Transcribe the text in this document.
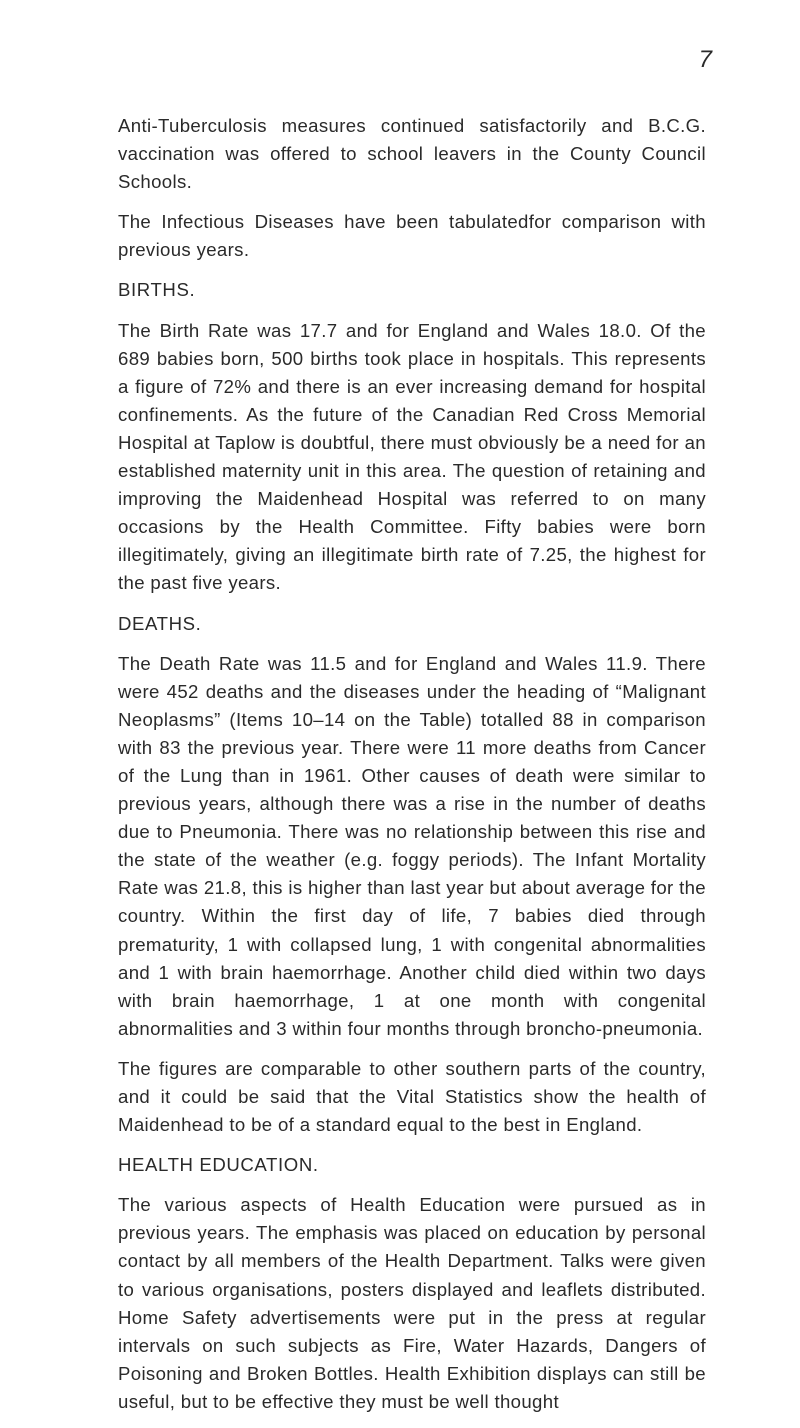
7

Anti-Tuberculosis measures continued satisfactorily and B.C.G. vaccination was offered to school leavers in the County Council Schools.

The Infectious Diseases have been tabulatedfor comparison with previous years.

BIRTHS.

The Birth Rate was 17.7 and for England and Wales 18.0. Of the 689 babies born, 500 births took place in hospitals. This represents a figure of 72% and there is an ever increasing demand for hospital confinements. As the future of the Canadian Red Cross Memorial Hospital at Taplow is doubtful, there must obviously be a need for an established maternity unit in this area. The question of retaining and improving the Maidenhead Hospital was referred to on many occasions by the Health Committee. Fifty babies were born illegitimately, giving an illegitimate birth rate of 7.25, the highest for the past five years.

DEATHS.

The Death Rate was 11.5 and for England and Wales 11.9. There were 452 deaths and the diseases under the heading of “Malignant Neoplasms” (Items 10–14 on the Table) totalled 88 in comparison with 83 the previous year. There were 11 more deaths from Cancer of the Lung than in 1961. Other causes of death were similar to previous years, although there was a rise in the number of deaths due to Pneumonia. There was no relationship between this rise and the state of the weather (e.g. foggy periods). The Infant Mortality Rate was 21.8, this is higher than last year but about average for the country. Within the first day of life, 7 babies died through prematurity, 1 with collapsed lung, 1 with congenital abnormalities and 1 with brain haemorrhage. Another child died within two days with brain haemorrhage, 1 at one month with congenital abnormalities and 3 within four months through broncho-pneumonia.

The figures are comparable to other southern parts of the country, and it could be said that the Vital Statistics show the health of Maidenhead to be of a standard equal to the best in England.

HEALTH EDUCATION.

The various aspects of Health Education were pursued as in previous years. The emphasis was placed on education by personal contact by all members of the Health Department. Talks were given to various organisations, posters displayed and leaflets distributed. Home Safety advertisements were put in the press at regular intervals on such subjects as Fire, Water Hazards, Dangers of Poisoning and Broken Bottles. Health Exhibition displays can still be useful, but to be effective they must be well thought
